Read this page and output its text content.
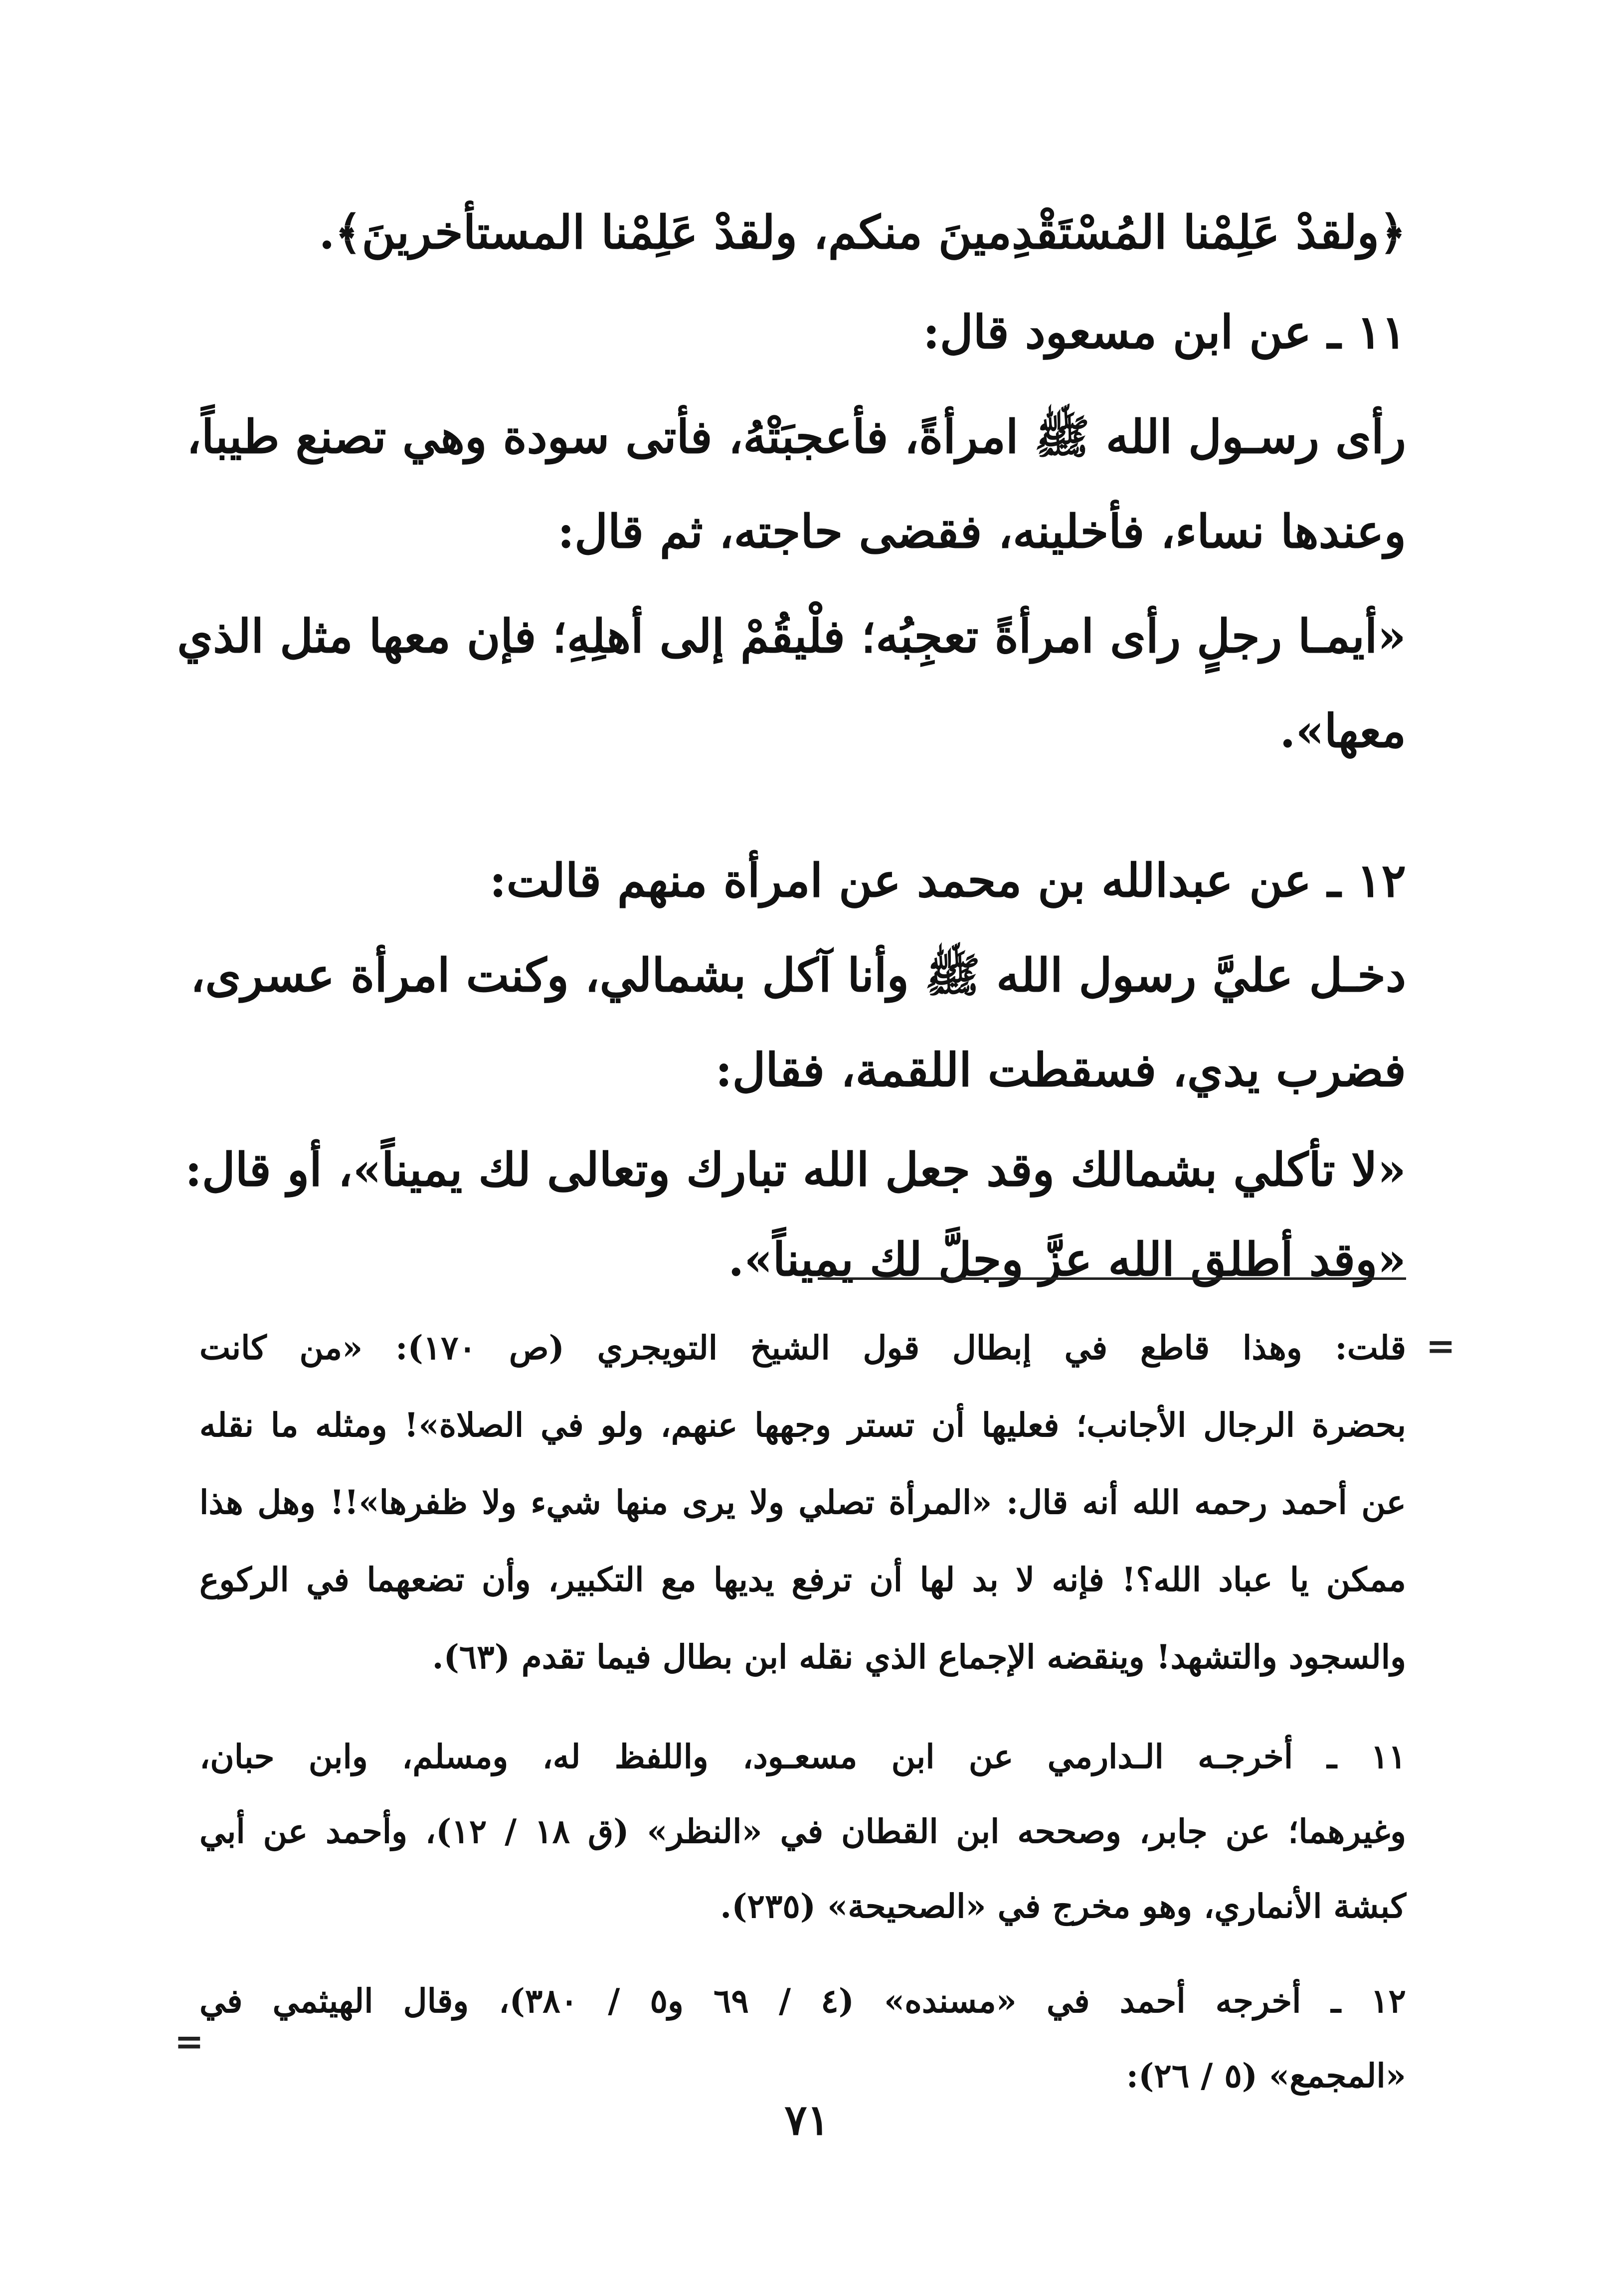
﴿ولقدْ عَلِمْنا المُسْتَقْدِمينَ منكم، ولقدْ عَلِمْنا المستأخرينَ﴾.
١١ ـ عن ابن مسعود قال:
رأى رسـول الله ﷺ امرأةً، فأعجبَتْهُ، فأتى سودة وهي تصنع طيباً،
وعندها نساء، فأخلينه، فقضى حاجته، ثم قال:
«أيمـا رجلٍ رأى امرأةً تعجِبُه؛ فلْيقُمْ إلى أهلِهِ؛ فإن معها مثل الذي
معها».
١٢ ـ عن عبدالله بن محمد عن امرأة منهم قالت:
دخـل عليَّ رسول الله ﷺ وأنا آكل بشمالي، وكنت امرأة عسرى،
فضرب يدي، فسقطت اللقمة، فقال:
«لا تأكلي بشمالك وقد جعل الله تبارك وتعالى لك يميناً»، أو قال:
«وقد أطلق الله عزَّ وجلَّ لك يميناً».
=
قلت: وهذا قاطع في إبطال قول الشيخ التويجري (ص ١٧٠): «من كانت
بحضرة الرجال الأجانب؛ فعليها أن تستر وجهها عنهم، ولو في الصلاة»! ومثله ما نقله
عن أحمد رحمه الله أنه قال: «المرأة تصلي ولا يرى منها شيء ولا ظفرها»!! وهل هذا
ممكن يا عباد الله؟! فإنه لا بد لها أن ترفع يديها مع التكبير، وأن تضعهما في الركوع
والسجود والتشهد! وينقضه الإجماع الذي نقله ابن بطال فيما تقدم (٦٣).
١١ ـ أخرجـه الـدارمي عن ابن مسعـود، واللفظ له، ومسلم، وابن حبان،
وغيرهما؛ عن جابر، وصححه ابن القطان في «النظر» (ق ١٨ / ١٢)، وأحمد عن أبي
كبشة الأنماري، وهو مخرج في «الصحيحة» (٢٣٥).
١٢ ـ أخرجه أحمد في «مسنده» (٤ / ٦٩ و٥ / ٣٨٠)، وقال الهيثمي في
«المجمع» (٥ / ٢٦):
=
٧١
